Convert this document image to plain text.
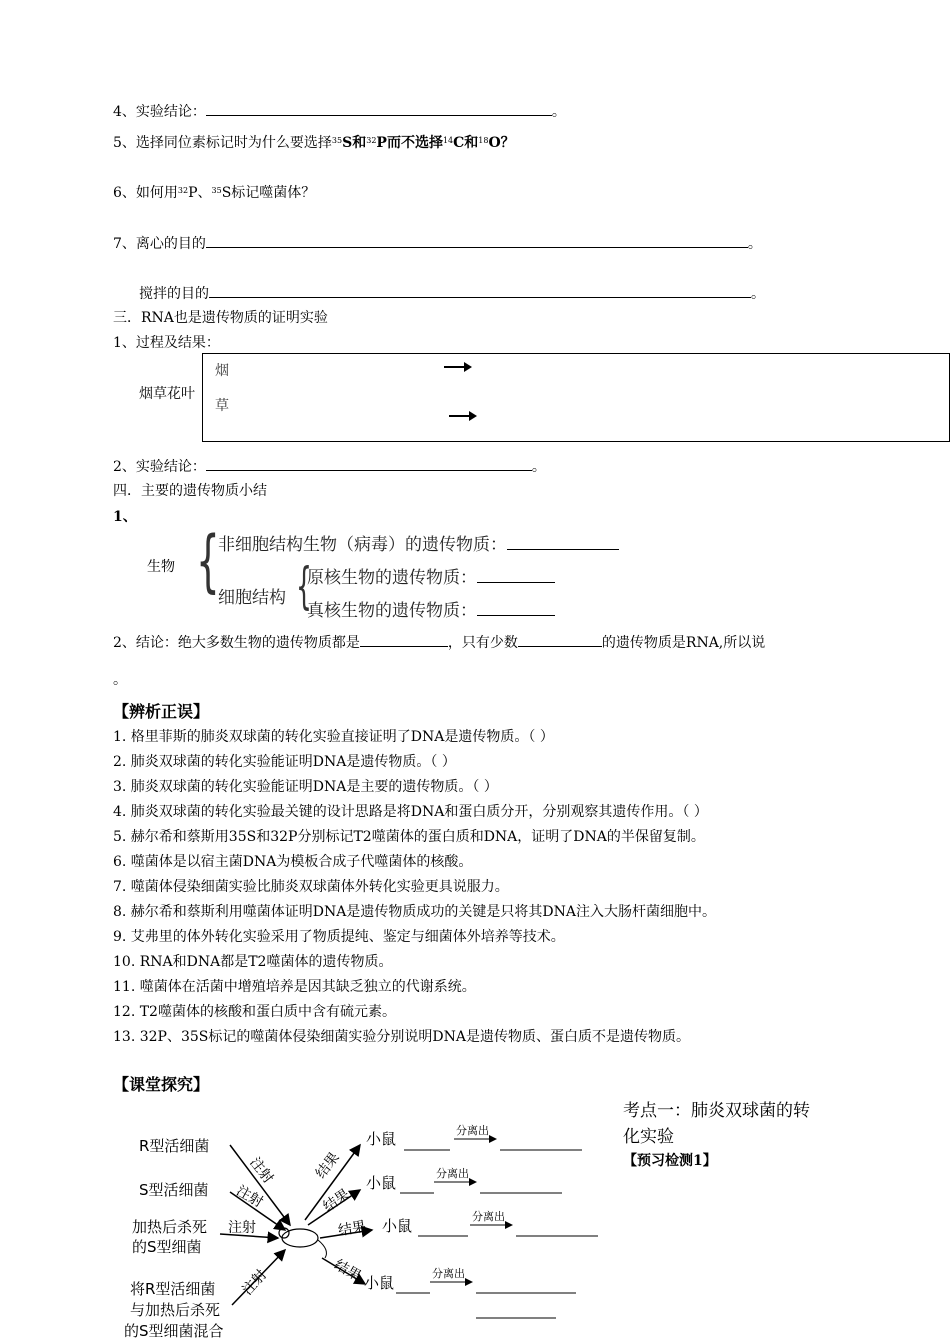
4、实验结论：	。
5、选择同位素标记时为什么要选择$^{35}$S和$^{32}$P而不选择$^{14}$C和$^{18}$O？
6、如何用$^{32}$P、$^{35}$S标记噬菌体？
7、离心的目的	。
搅拌的目的	。
三．RNA也是遗传物质的证明实验
1、过程及结果：
烟草花叶
烟
草
2、实验结论：	。
四．主要的遗传物质小结
1、
生物 {
非细胞结构生物（病毒）的遗传物质：
细胞结构 {
原核生物的遗传物质：
真核生物的遗传物质：
2、结论：绝大多数生物的遗传物质都是	，只有少数	的遗传物质是RNA,所以说
。
【辨析正误】
1. 格里菲斯的肺炎双球菌的转化实验直接证明了DNA是遗传物质。（ ）
2. 肺炎双球菌的转化实验能证明DNA是遗传物质。（ ）
3. 肺炎双球菌的转化实验能证明DNA是主要的遗传物质。（ ）
4. 肺炎双球菌的转化实验最关键的设计思路是将DNA和蛋白质分开，分别观察其遗传作用。（ ）
5. 赫尔希和蔡斯用35S和32P分别标记T2噬菌体的蛋白质和DNA，证明了DNA的半保留复制。
6. 噬菌体是以宿主菌DNA为模板合成子代噬菌体的核酸。
7. 噬菌体侵染细菌实验比肺炎双球菌体外转化实验更具说服力。
8. 赫尔希和蔡斯利用噬菌体证明DNA是遗传物质成功的关键是只将其DNA注入大肠杆菌细胞中。
9. 艾弗里的体外转化实验采用了物质提纯、鉴定与细菌体外培养等技术。
10. RNA和DNA都是T2噬菌体的遗传物质。
11. 噬菌体在活菌中增殖培养是因其缺乏独立的代谢系统。
12. T2噬菌体的核酸和蛋白质中含有硫元素。
13. 32P、35S标记的噬菌体侵染细菌实验分别说明DNA是遗传物质、蛋白质不是遗传物质。
【课堂探究】
考点一：肺炎双球菌的转
化实验
【预习检测1】
R型活细菌
S型活细菌
加热后杀死
的S型细菌
将R型活细菌
与加热后杀死
的S型细菌混合
注射
注射
注射
注射
结果
结果
结果
结果
小鼠
小鼠
小鼠
小鼠
分离出
分离出
分离出
分离出
